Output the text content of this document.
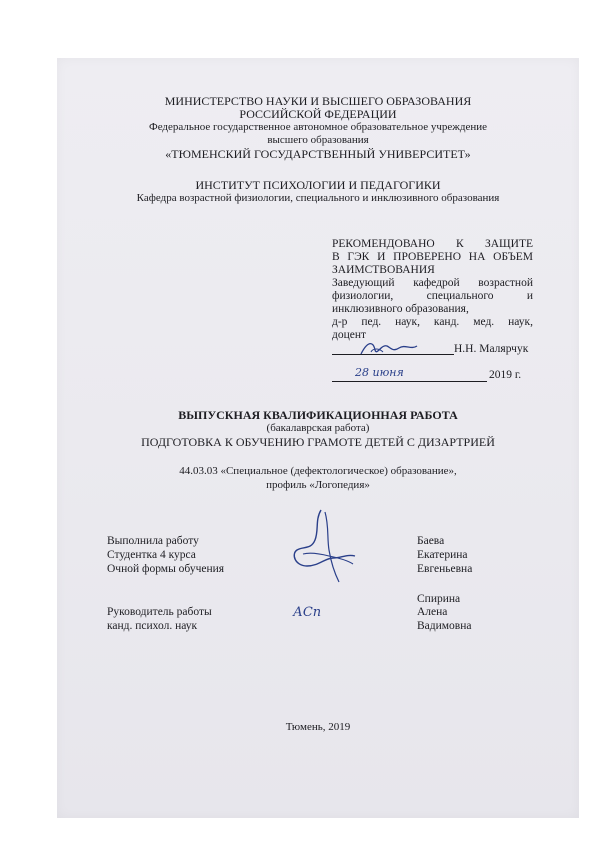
МИНИСТЕРСТВО НАУКИ И ВЫСШЕГО ОБРАЗОВАНИЯ
РОССИЙСКОЙ ФЕДЕРАЦИИ
Федеральное государственное автономное образовательное учреждение
высшего образования
«ТЮМЕНСКИЙ ГОСУДАРСТВЕННЫЙ УНИВЕРСИТЕТ»
ИНСТИТУТ ПСИХОЛОГИИ И ПЕДАГОГИКИ
Кафедра возрастной физиологии, специального и инклюзивного образования
РЕКОМЕНДОВАНО К ЗАЩИТЕ
В ГЭК И ПРОВЕРЕНО НА ОБЪЕМ
ЗАИМСТВОВАНИЯ
Заведующий кафедрой возрастной
физиологии, специального и
инклюзивного образования,
д-р пед. наук, канд. мед. наук,
доцент
Н.Н. Малярчук
28 июня	2019 г.
ВЫПУСКНАЯ КВАЛИФИКАЦИОННАЯ РАБОТА
(бакалаврская работа)
ПОДГОТОВКА К ОБУЧЕНИЮ ГРАМОТЕ ДЕТЕЙ С ДИЗАРТРИЕЙ
44.03.03 «Специальное (дефектологическое) образование»,
профиль «Логопедия»
Выполнила работу
Студентка 4 курса
Очной формы обучения
Баева
Екатерина
Евгеньевна
Спирина
Руководитель работы
канд. психол. наук
АСп	Алена
Вадимовна
Тюмень, 2019
